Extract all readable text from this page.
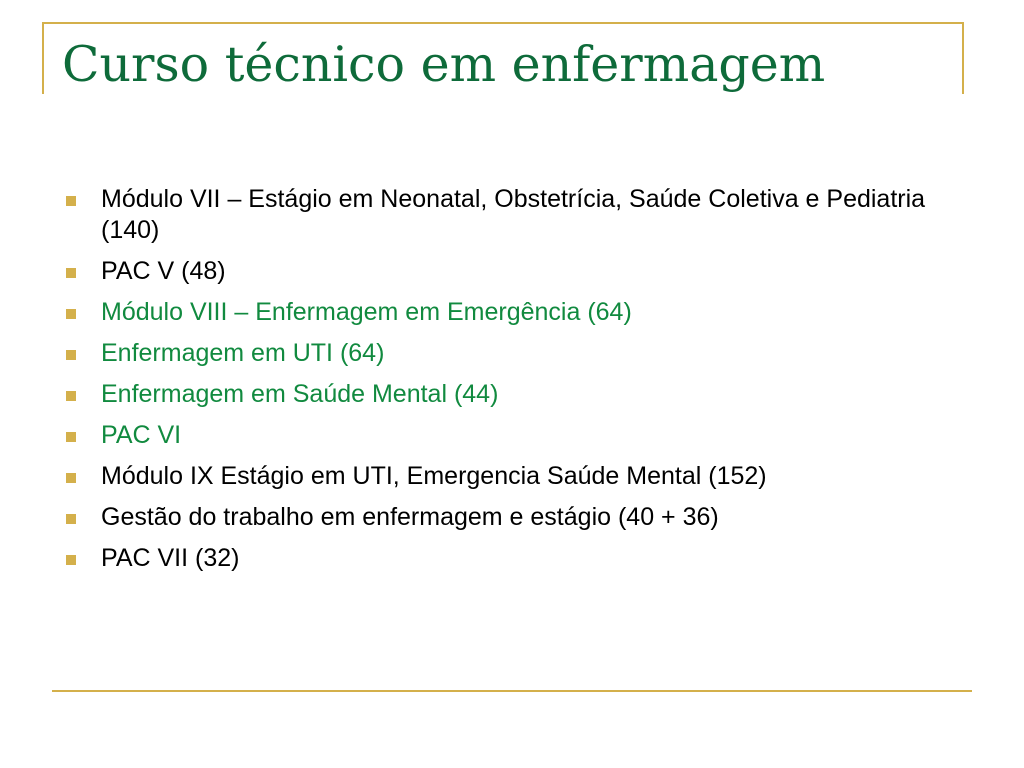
Curso técnico em enfermagem
Módulo VII – Estágio em Neonatal, Obstetrícia, Saúde Coletiva e Pediatria (140)
PAC V (48)
Módulo VIII – Enfermagem em Emergência (64)
Enfermagem em UTI (64)
Enfermagem em Saúde Mental (44)
PAC VI
Módulo IX Estágio em UTI, Emergencia Saúde Mental (152)
Gestão do trabalho em enfermagem e estágio (40 + 36)
PAC VII (32)
